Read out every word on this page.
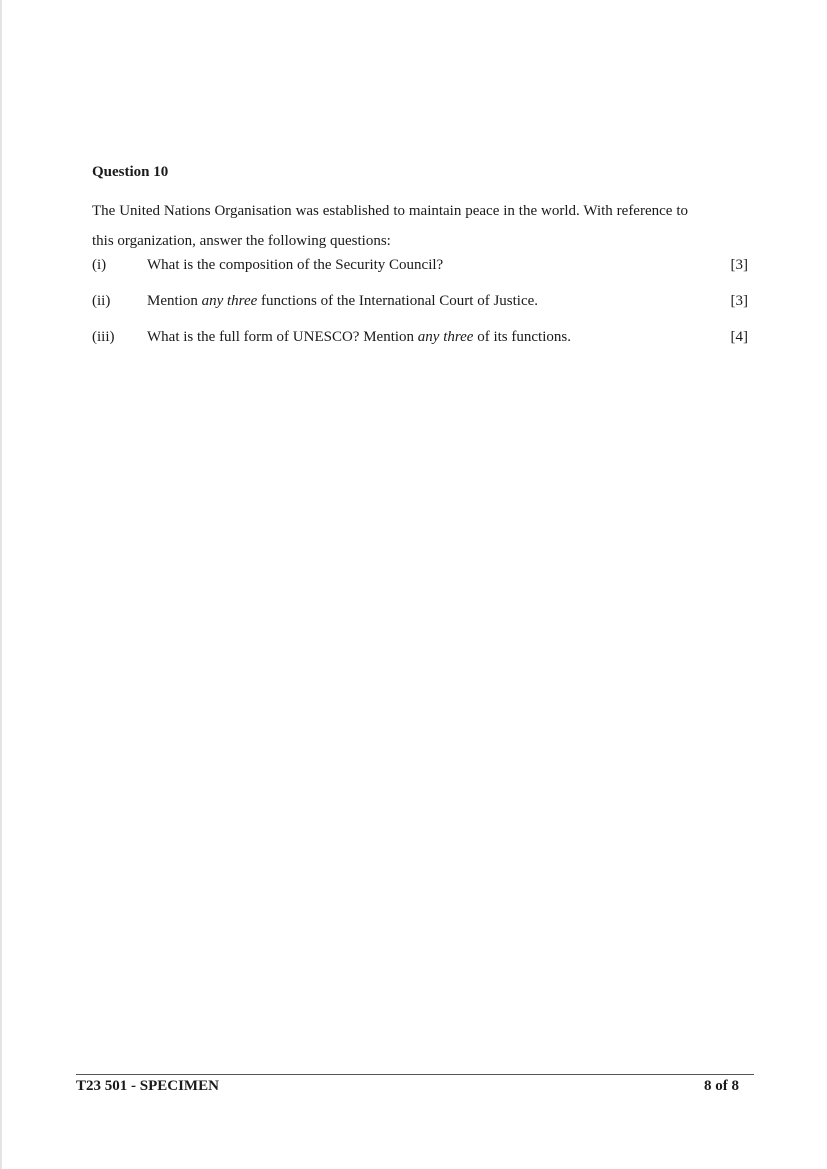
Question 10
The United Nations Organisation was established to maintain peace in the world. With reference to this organization, answer the following questions:
(i)	What is the composition of the Security Council?	[3]
(ii) Mention any three functions of the International Court of Justice.	[3]
(iii) What is the full form of UNESCO? Mention any three of its functions.	[4]
T23 501 - SPECIMEN	8 of 8
